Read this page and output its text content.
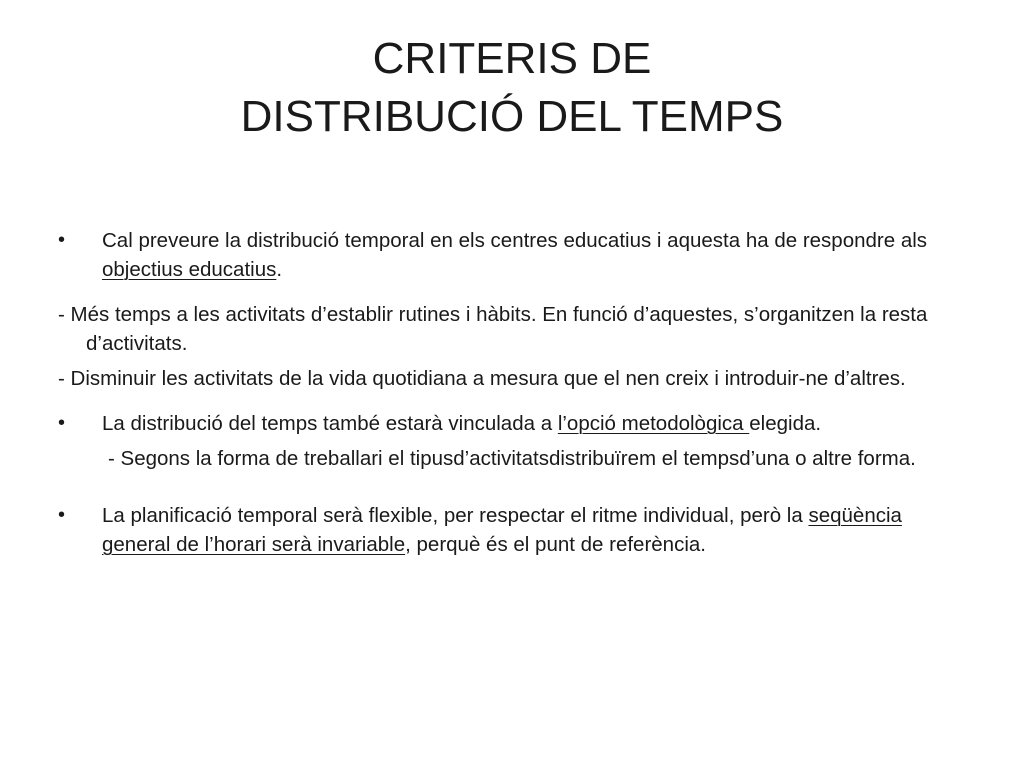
CRITERIS DE
DISTRIBUCIÓ DEL TEMPS

•	Cal preveure la distribució temporal en els centres educatius i aquesta ha de respondre als objectius educatius.

- Més temps a les activitats d’establir rutines i hàbits. En funció d’aquestes, s’organitzen la resta d’activitats.

- Disminuir les activitats de la vida quotidiana a mesura que el nen creix i introduir-ne d’altres.

•	La distribució del temps també estarà vinculada a l’opció metodològica elegida.

- Segons la forma de treballari el tipusd’activitatsdistribuïrem el tempsd’una o altre forma.

•	La planificació temporal serà flexible, per respectar el ritme individual, però la seqüència general de l’horari serà invariable, perquè és el punt de referència.
